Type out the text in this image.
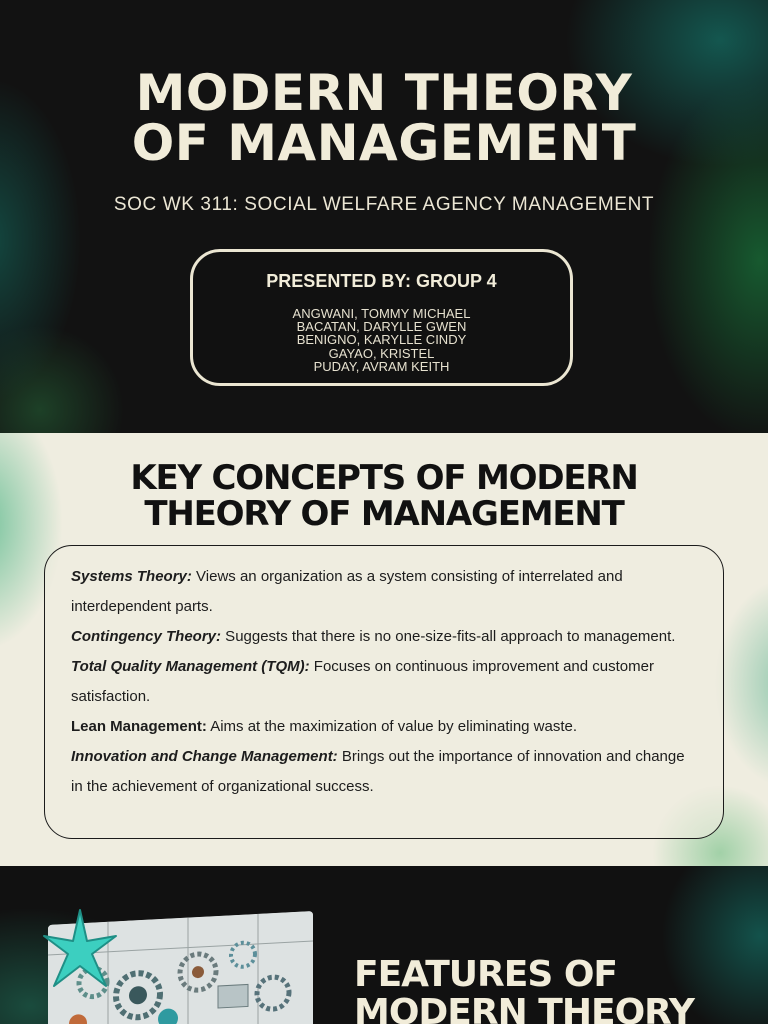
MODERN THEORY
OF MANAGEMENT
SOC WK 311: SOCIAL WELFARE AGENCY MANAGEMENT
PRESENTED BY: GROUP 4
ANGWANI, TOMMY MICHAEL
BACATAN, DARYLLE GWEN
BENIGNO, KARYLLE CINDY
GAYAO, KRISTEL
PUDAY, AVRAM KEITH
KEY CONCEPTS OF MODERN
THEORY OF MANAGEMENT

Systems Theory: Views an organization as a system consisting of interrelated and interdependent parts.

Contingency Theory: Suggests that there is no one-size-fits-all approach to management.

Total Quality Management (TQM): Focuses on continuous improvement and customer satisfaction.

Lean Management: Aims at the maximization of value by eliminating waste.

Innovation and Change Management: Brings out the importance of innovation and change in the achievement of organizational success.

FEATURES OF
MODERN THEORY
